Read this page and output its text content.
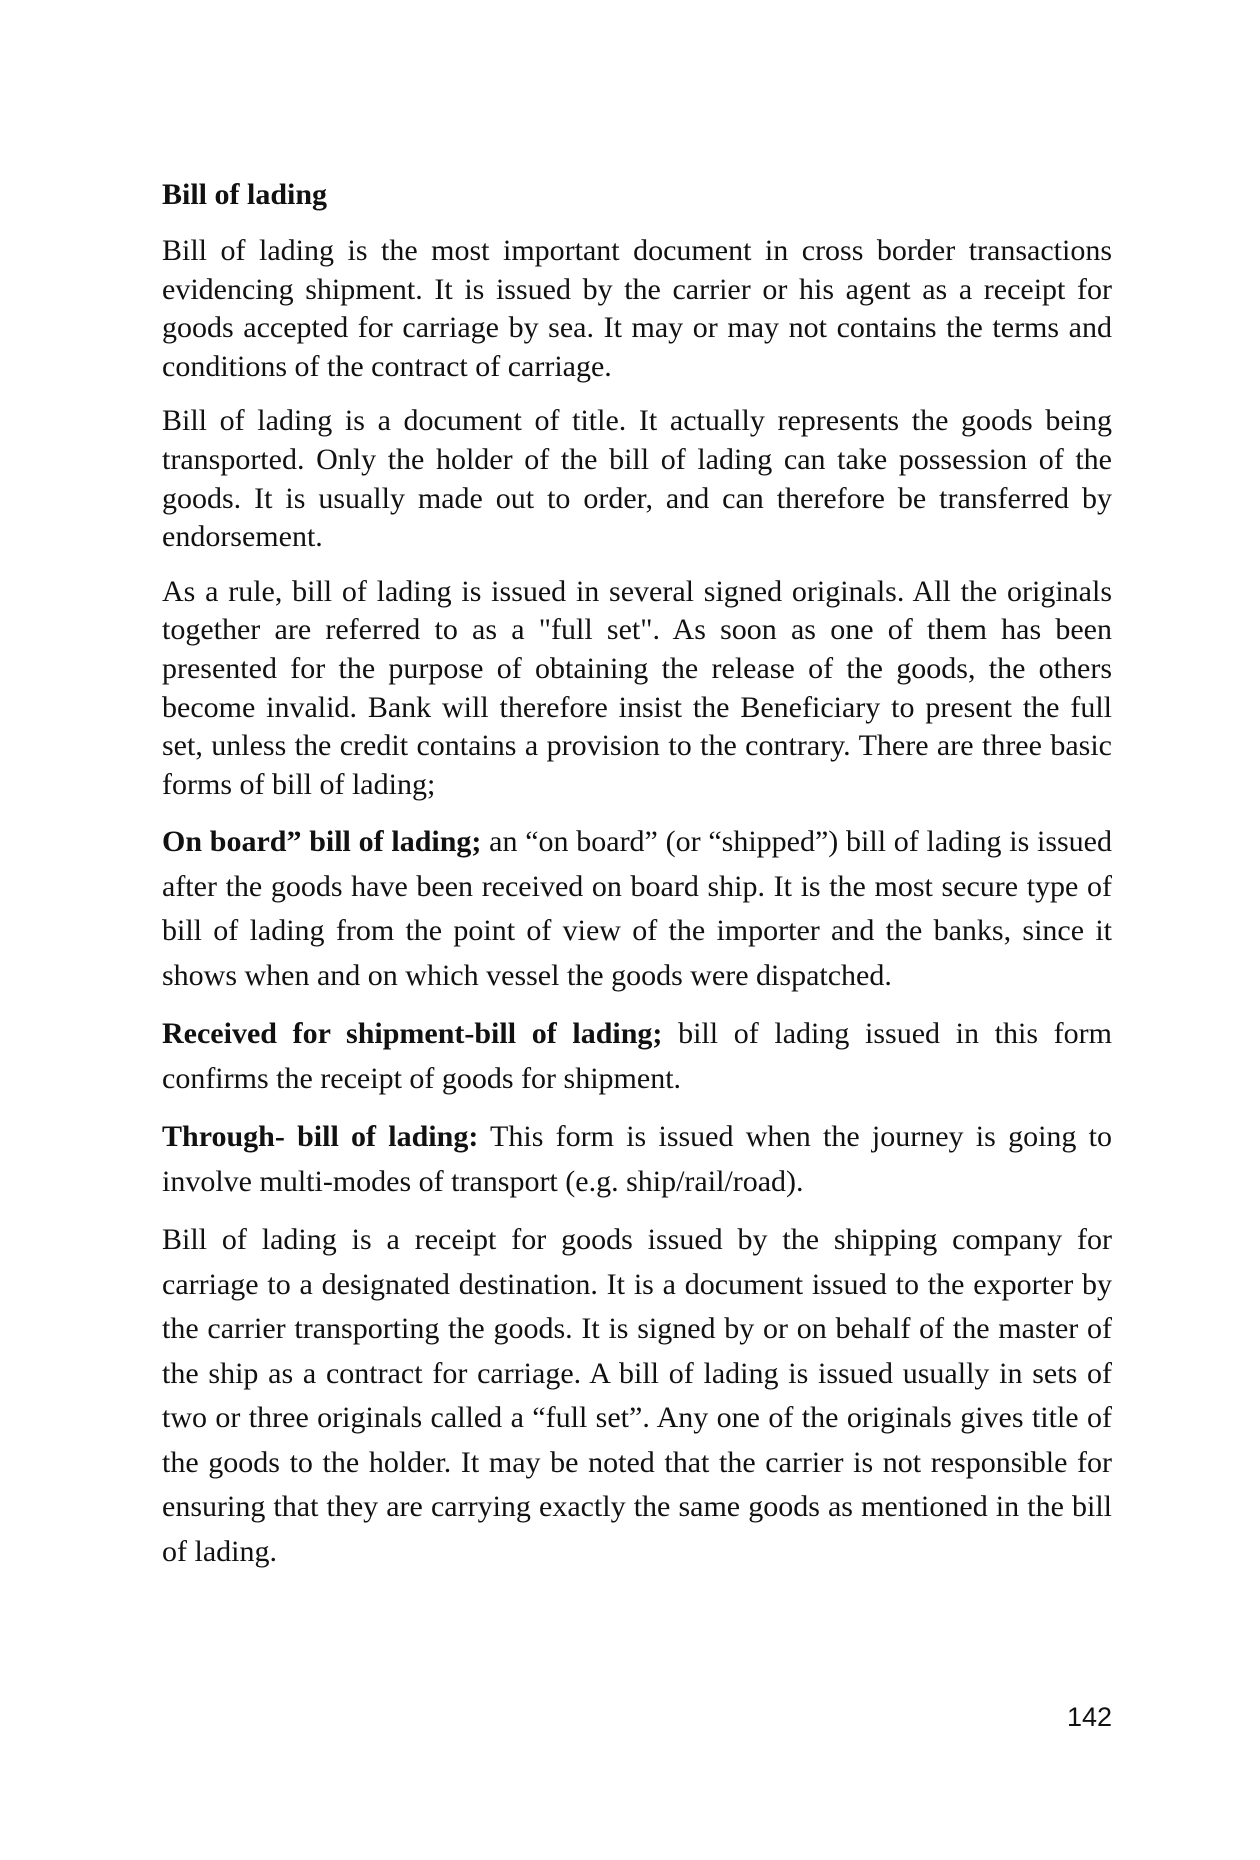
Bill of lading

Bill of lading is the most important document in cross border transactions evidencing shipment. It is issued by the carrier or his agent as a receipt for goods accepted for carriage by sea. It may or may not contains the terms and conditions of the contract of carriage.

Bill of lading is a document of title. It actually represents the goods being transported. Only the holder of the bill of lading can take possession of the goods. It is usually made out to order, and can therefore be transferred by endorsement.

As a rule, bill of lading is issued in several signed originals. All the originals together are referred to as a "full set". As soon as one of them has been presented for the purpose of obtaining the release of the goods, the others become invalid. Bank will therefore insist the Beneficiary to present the full set, unless the credit contains a provision to the contrary. There are three basic forms of bill of lading;

On board” bill of lading; an “on board” (or “shipped”) bill of lading is issued after the goods have been received on board ship. It is the most secure type of bill of lading from the point of view of the importer and the banks, since it shows when and on which vessel the goods were dispatched.

Received for shipment-bill of lading; bill of lading issued in this form confirms the receipt of goods for shipment.

Through- bill of lading: This form is issued when the journey is going to involve multi-modes of transport (e.g. ship/rail/road).

Bill of lading is a receipt for goods issued by the shipping company for carriage to a designated destination. It is a document issued to the exporter by the carrier transporting the goods. It is signed by or on behalf of the master of the ship as a contract for carriage. A bill of lading is issued usually in sets of two or three originals called a “full set”. Any one of the originals gives title of the goods to the holder. It may be noted that the carrier is not responsible for ensuring that they are carrying exactly the same goods as mentioned in the bill of lading.

142
